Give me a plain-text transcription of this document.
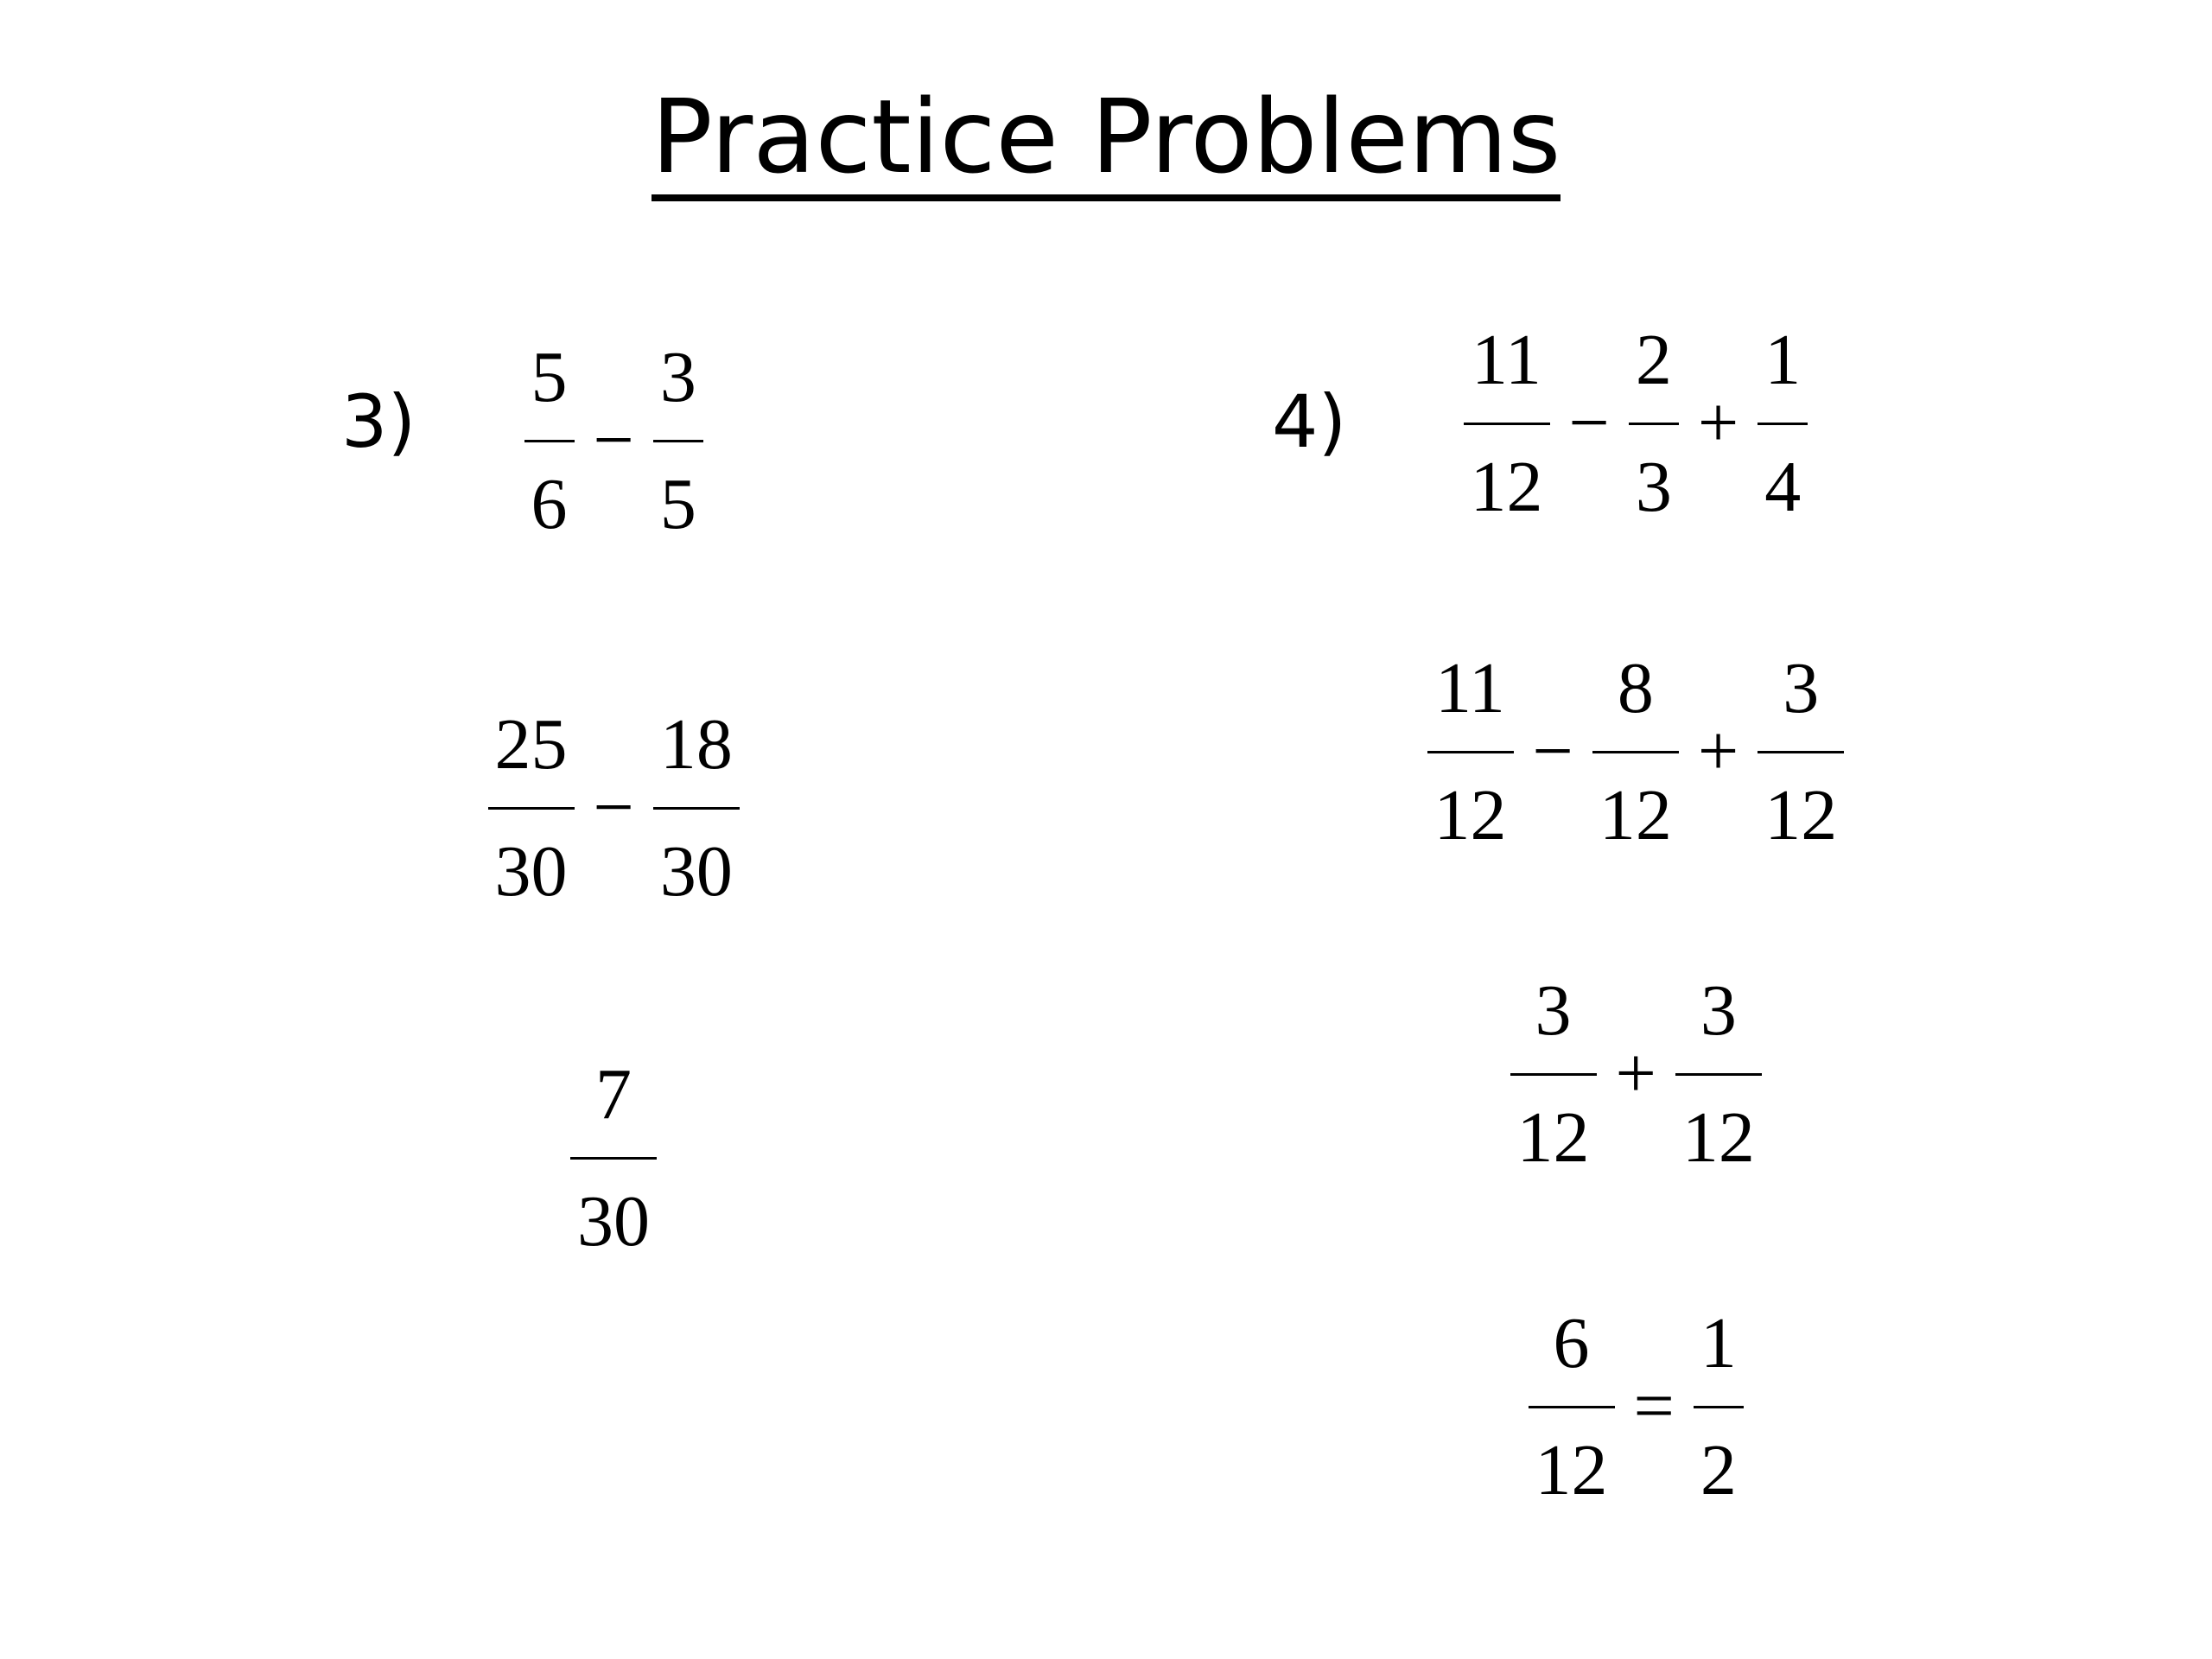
Practice Problems
3)	4)
$\frac{5}{6} - \frac{3}{5}$
$\frac{25}{30} - \frac{18}{30}$
$\frac{7}{30}$
$\frac{11}{12} - \frac{2}{3} + \frac{1}{4}$
$\frac{11}{12} - \frac{8}{12} + \frac{3}{12}$
$\frac{3}{12} + \frac{3}{12}$
$\frac{6}{12} = \frac{1}{2}$
